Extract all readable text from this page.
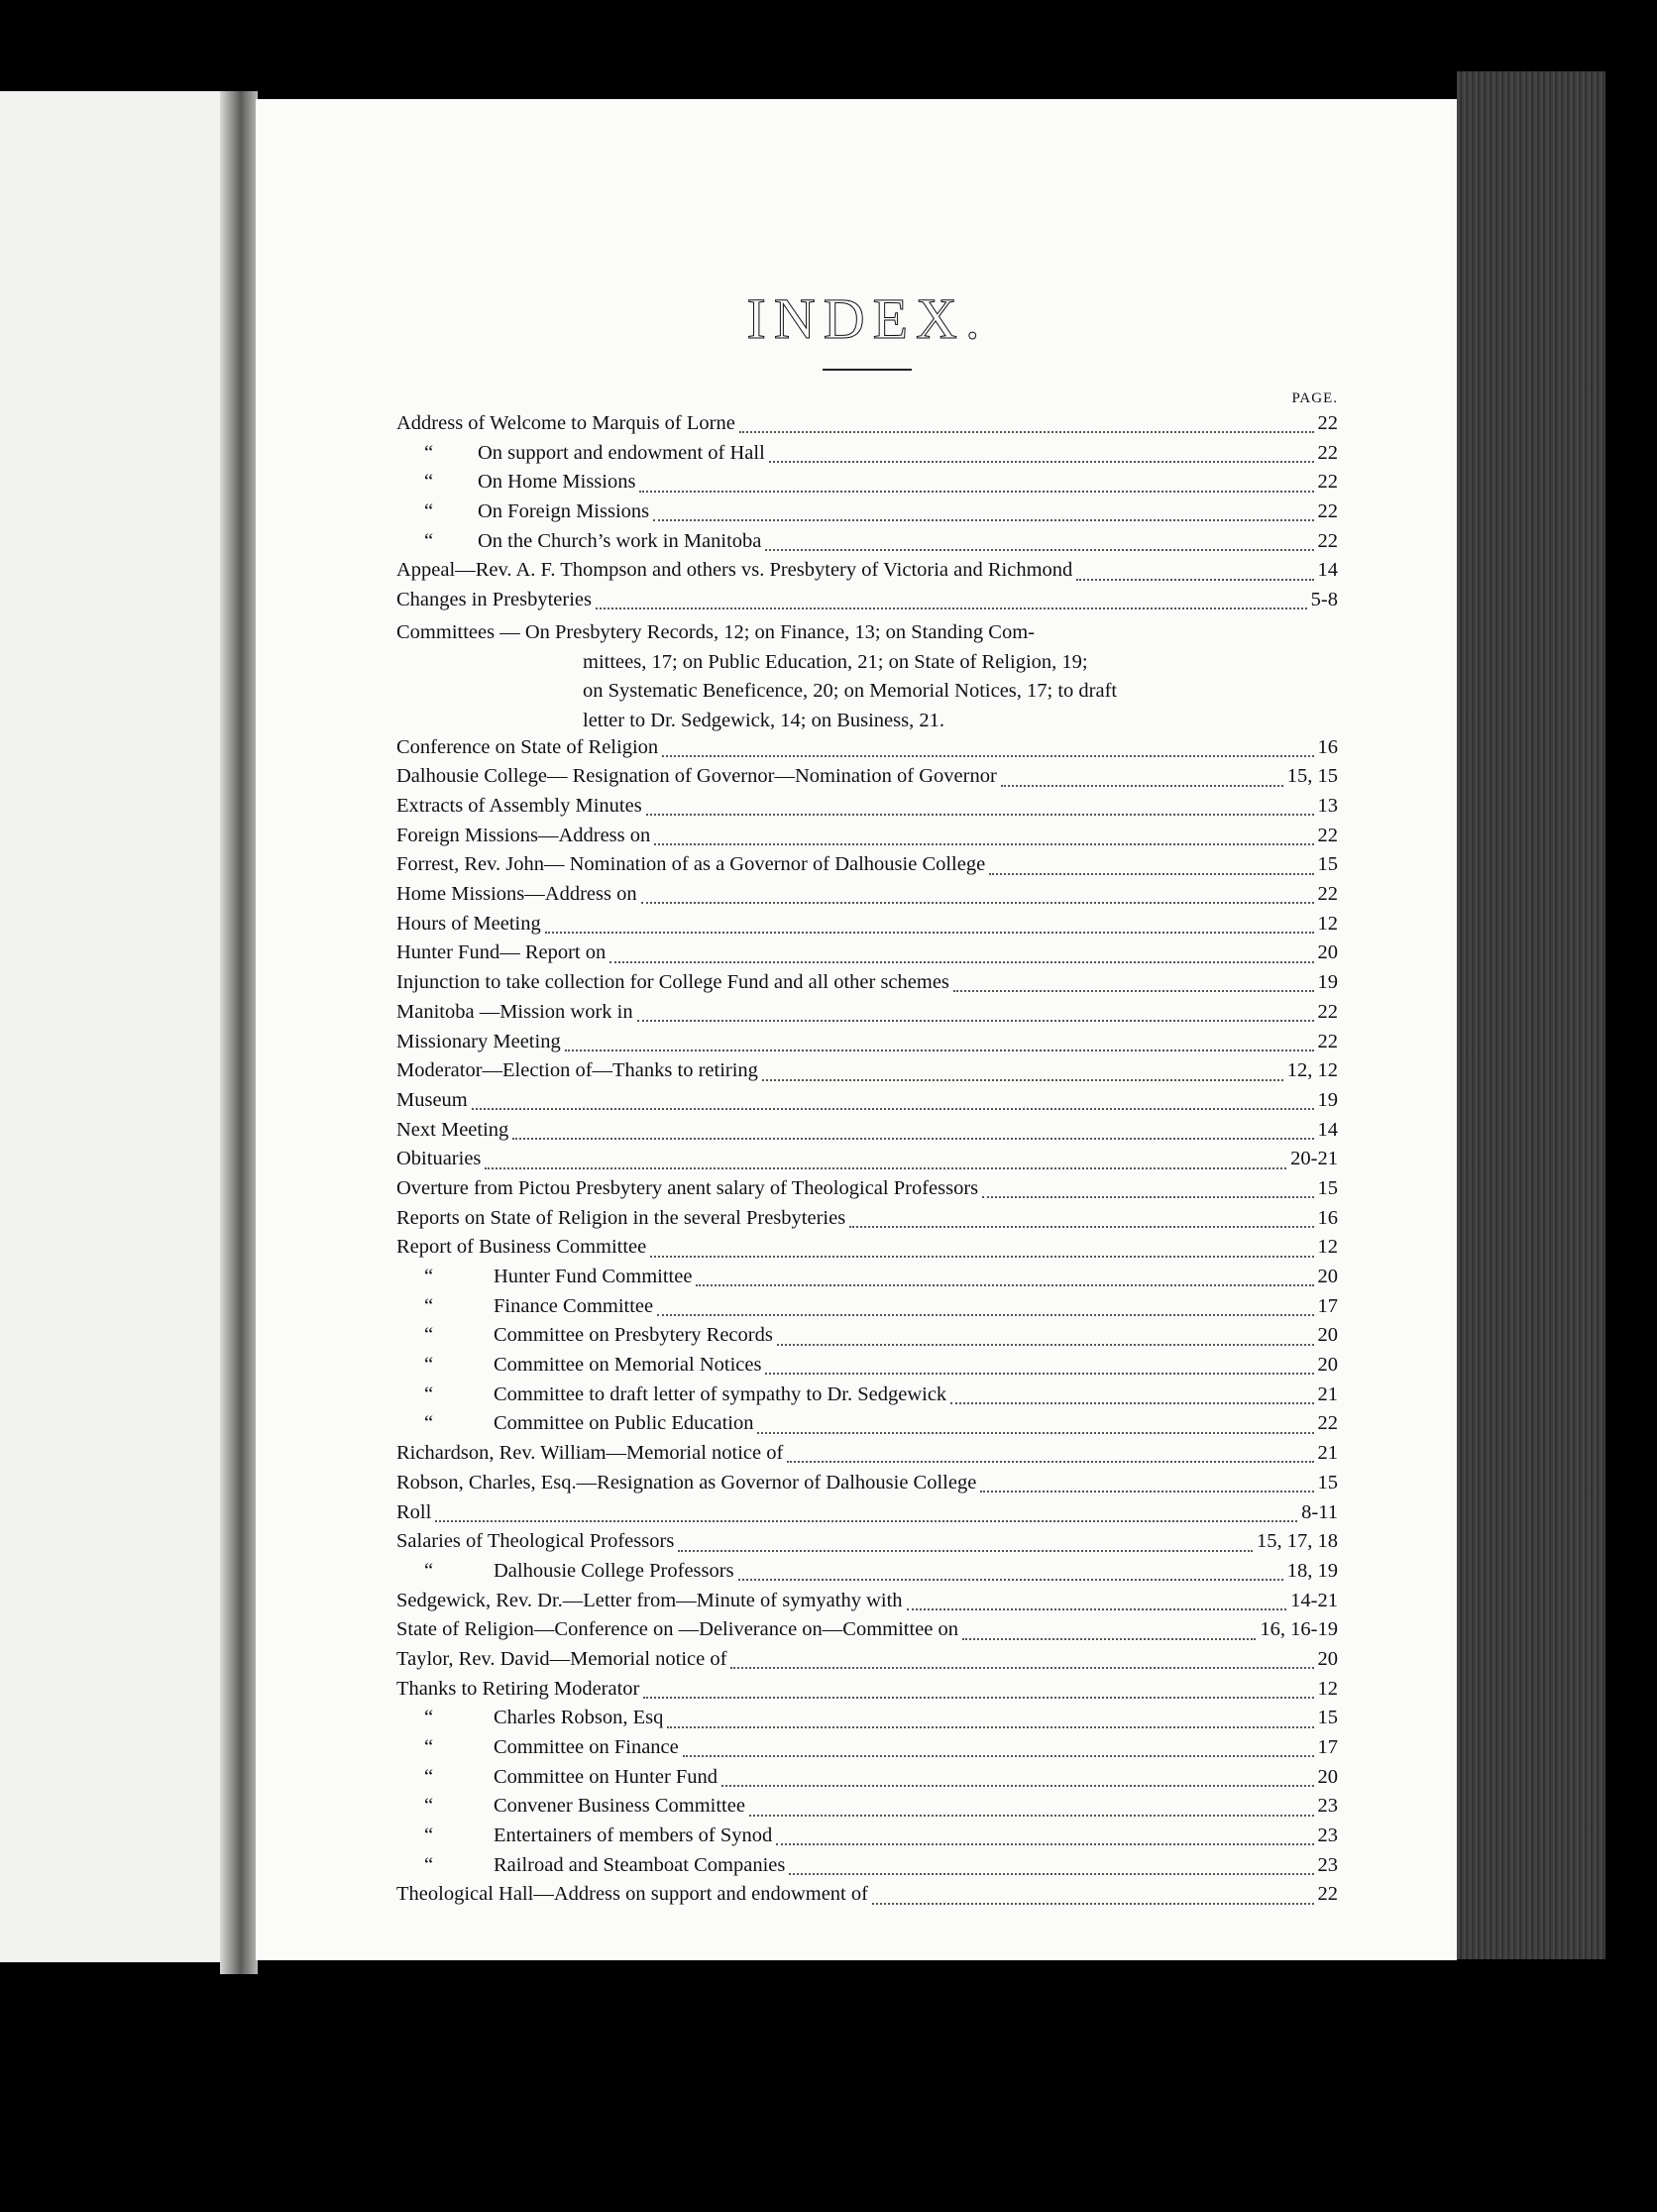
INDEX.
PAGE.
Address of Welcome to Marquis of Lorne	22
“	On support and endowment of Hall	22
“	On Home Missions	22
“	On Foreign Missions	22
“	On the Church’s work in Manitoba	22
Appeal—Rev. A. F. Thompson and others vs. Presbytery of Victoria and Richmond	14
Changes in Presbyteries	5-8
Committees — On Presbytery Records, 12; on Finance, 13; on Standing Com-
mittees, 17; on Public Education, 21; on State of Religion, 19;
on Systematic Beneficence, 20; on Memorial Notices, 17; to draft
letter to Dr. Sedgewick, 14; on Business, 21.
Conference on State of Religion	16
Dalhousie College— Resignation of Governor—Nomination of Governor	15, 15
Extracts of Assembly Minutes	13
Foreign Missions—Address on	22
Forrest, Rev. John— Nomination of as a Governor of Dalhousie College	15
Home Missions—Address on	22
Hours of Meeting	12
Hunter Fund— Report on	20
Injunction to take collection for College Fund and all other schemes	19
Manitoba —Mission work in	22
Missionary Meeting	22
Moderator—Election of—Thanks to retiring	12, 12
Museum	19
Next Meeting	14
Obituaries	20-21
Overture from Pictou Presbytery anent salary of Theological Professors	15
Reports on State of Religion in the several Presbyteries	16
Report of Business Committee	12
“	Hunter Fund Committee	20
“	Finance Committee	17
“	Committee on Presbytery Records	20
“	Committee on Memorial Notices	20
“	Committee to draft letter of sympathy to Dr. Sedgewick	21
“	Committee on Public Education	22
Richardson, Rev. William—Memorial notice of	21
Robson, Charles, Esq.—Resignation as Governor of Dalhousie College	15
Roll	8-11
Salaries of Theological Professors	15, 17, 18
“	Dalhousie College Professors	18, 19
Sedgewick, Rev. Dr.—Letter from—Minute of symyathy with	14-21
State of Religion—Conference on —Deliverance on—Committee on	16, 16-19
Taylor, Rev. David—Memorial notice of	20
Thanks to Retiring Moderator	12
“	Charles Robson, Esq	15
“	Committee on Finance	17
“	Committee on Hunter Fund	20
“	Convener Business Committee	23
“	Entertainers of members of Synod	23
“	Railroad and Steamboat Companies	23
Theological Hall—Address on support and endowment of	22
